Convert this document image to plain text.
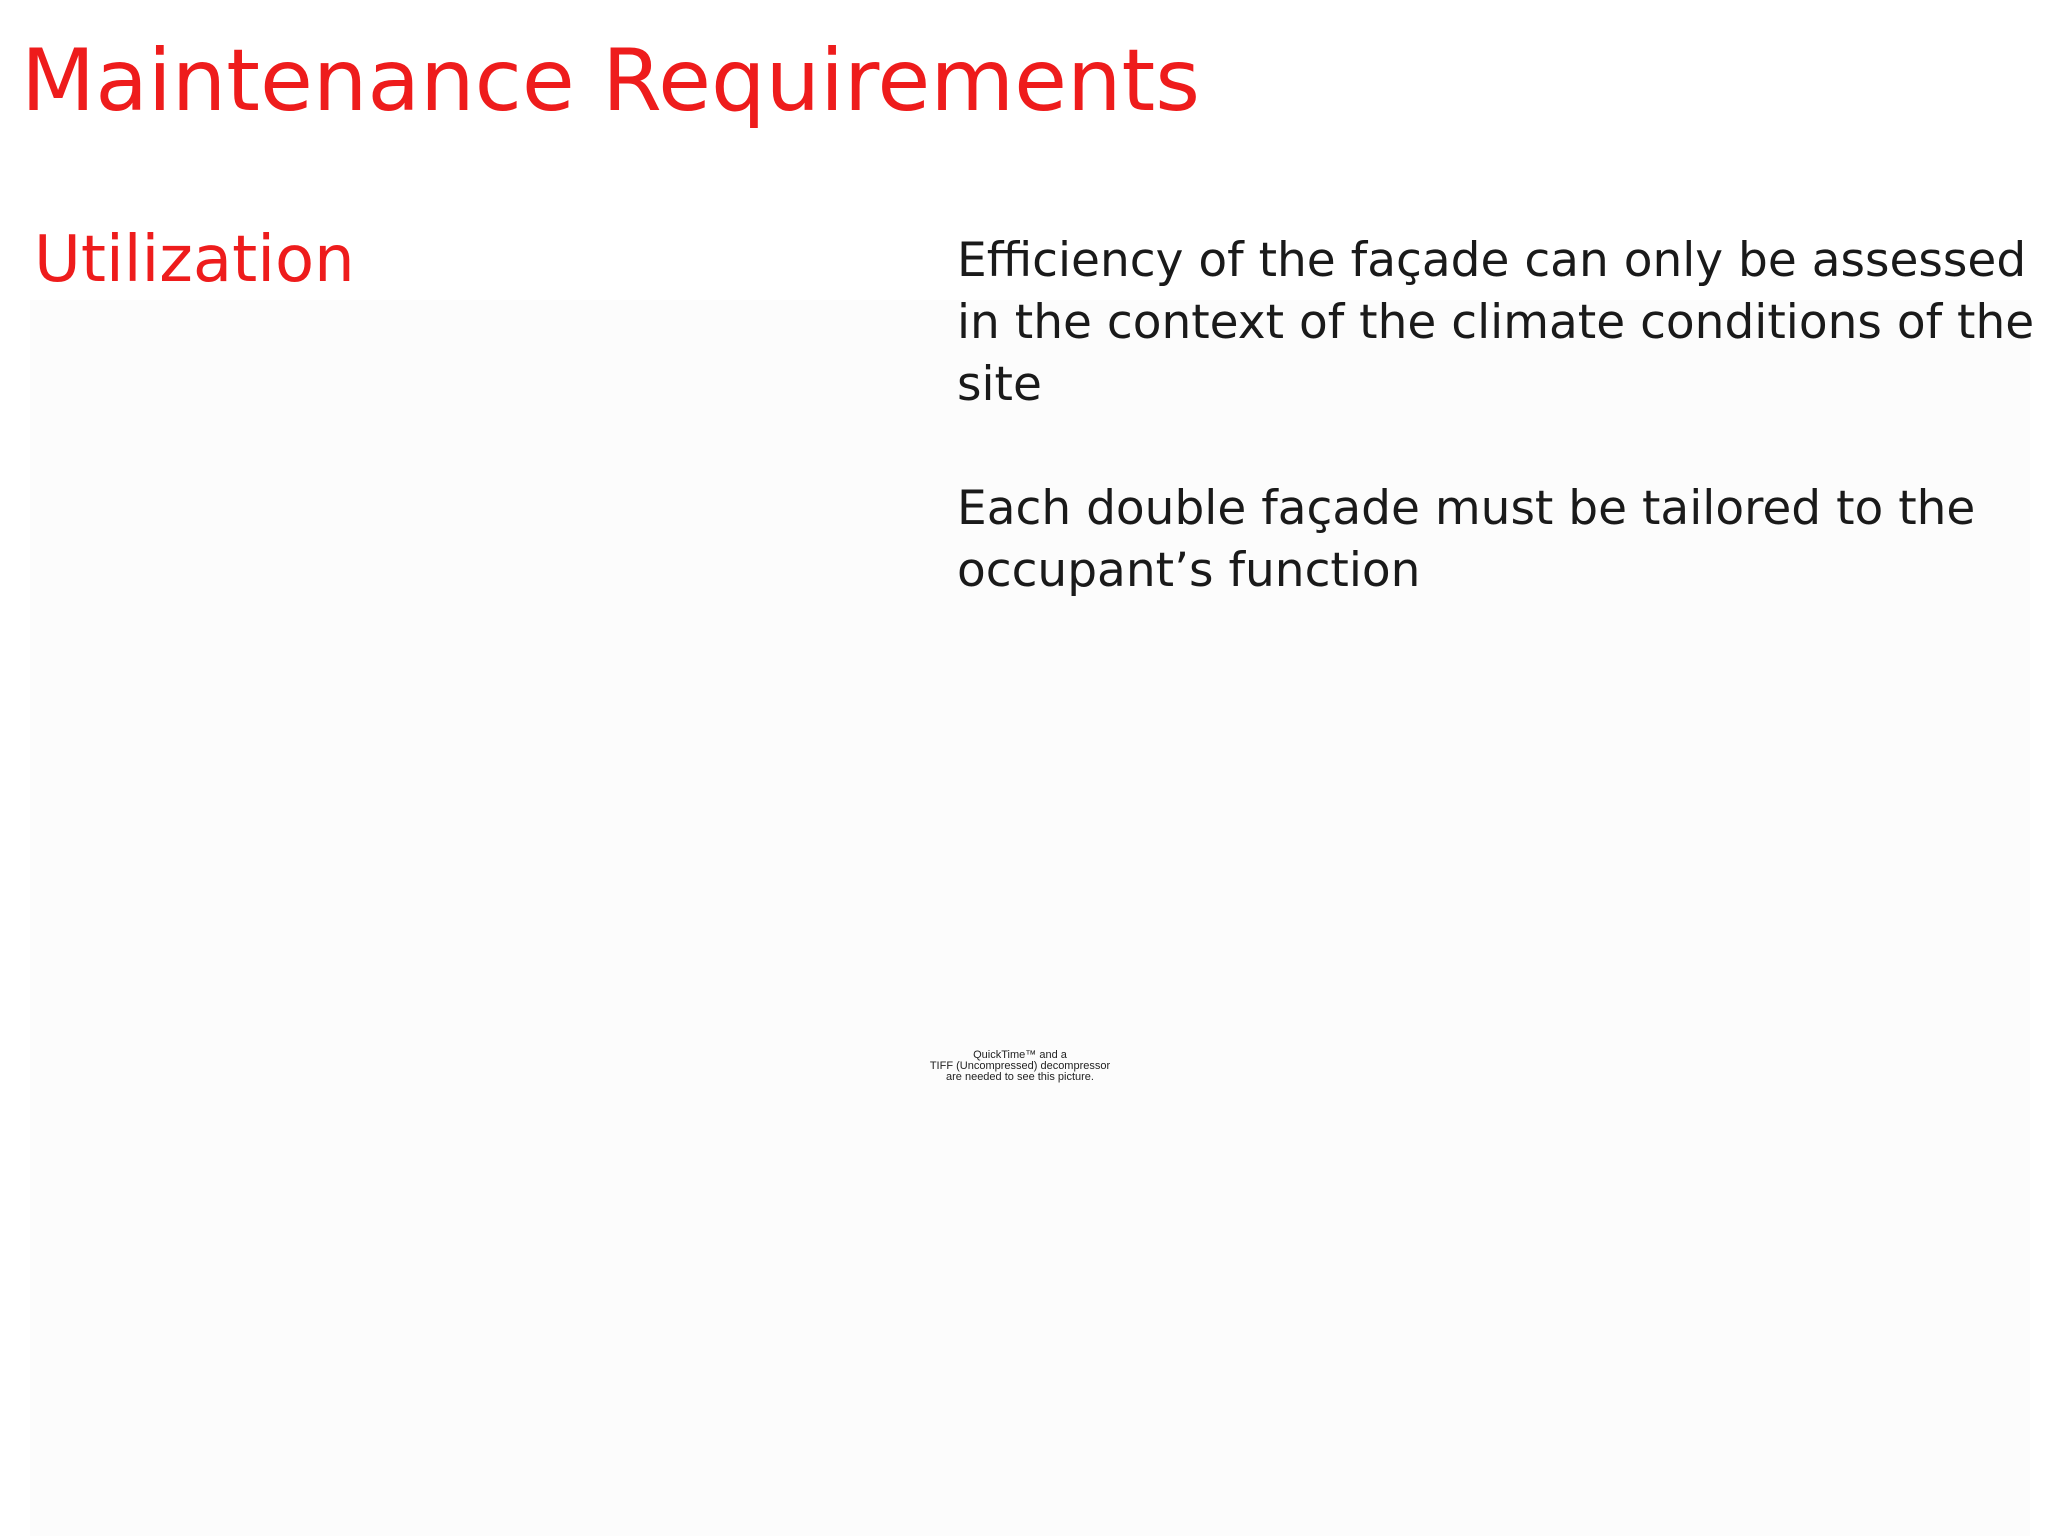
Maintenance Requirements
Utilization	Efficiency of the façade can only be assessed in the context of the climate conditions of the site

Each double façade must be tailored to the occupant’s function

QuickTime™ and a
TIFF (Uncompressed) decompressor
are needed to see this picture.
